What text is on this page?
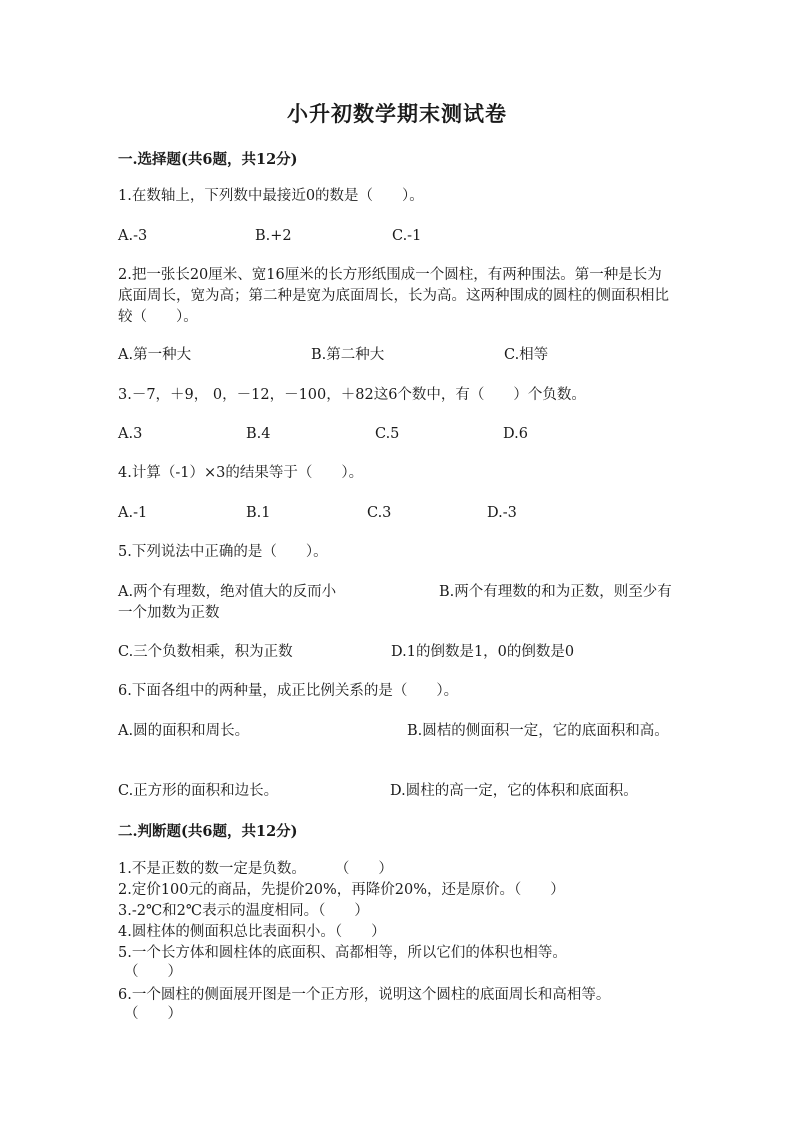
小升初数学期末测试卷
一.选择题(共6题，共12分)
1.在数轴上，下列数中最接近0的数是（　　）。
A.-3	B.+2	C.-1
2.把一张长20厘米、宽16厘米的长方形纸围成一个圆柱，有两种围法。第一种是长为底面周长，宽为高；第二种是宽为底面周长，长为高。这两种围成的圆柱的侧面积相比较（　　）。
A.第一种大	B.第二种大	C.相等
3.－7，＋9， 0，－12，－100，＋82这6个数中，有（　　）个负数。
A.3	B.4	C.5	D.6
4.计算（-1）×3的结果等于（　　）。
A.-1	B.1	C.3	D.-3
5.下列说法中正确的是（　　）。
A.两个有理数，绝对值大的反而小	B.两个有理数的和为正数，则至少有一个加数为正数
C.三个负数相乘，积为正数	D.1的倒数是1，0的倒数是0
6.下面各组中的两种量，成正比例关系的是（　　）。
A.圆的面积和周长。	B.圆桔的侧面积一定，它的底面积和高。
C.正方形的面积和边长。	D.圆柱的高一定，它的体积和底面积。
二.判断题(共6题，共12分)
1.不是正数的数一定是负数。　　　（　　）
2.定价100元的商品，先提价20%，再降价20%，还是原价。（　　）
3.-2℃和2℃表示的温度相同。（　　）
4.圆柱体的侧面积总比表面积小。（　　）
5.一个长方体和圆柱体的底面积、高都相等，所以它们的体积也相等。
（　　）
6.一个圆柱的侧面展开图是一个正方形，说明这个圆柱的底面周长和高相等。
（　　）
